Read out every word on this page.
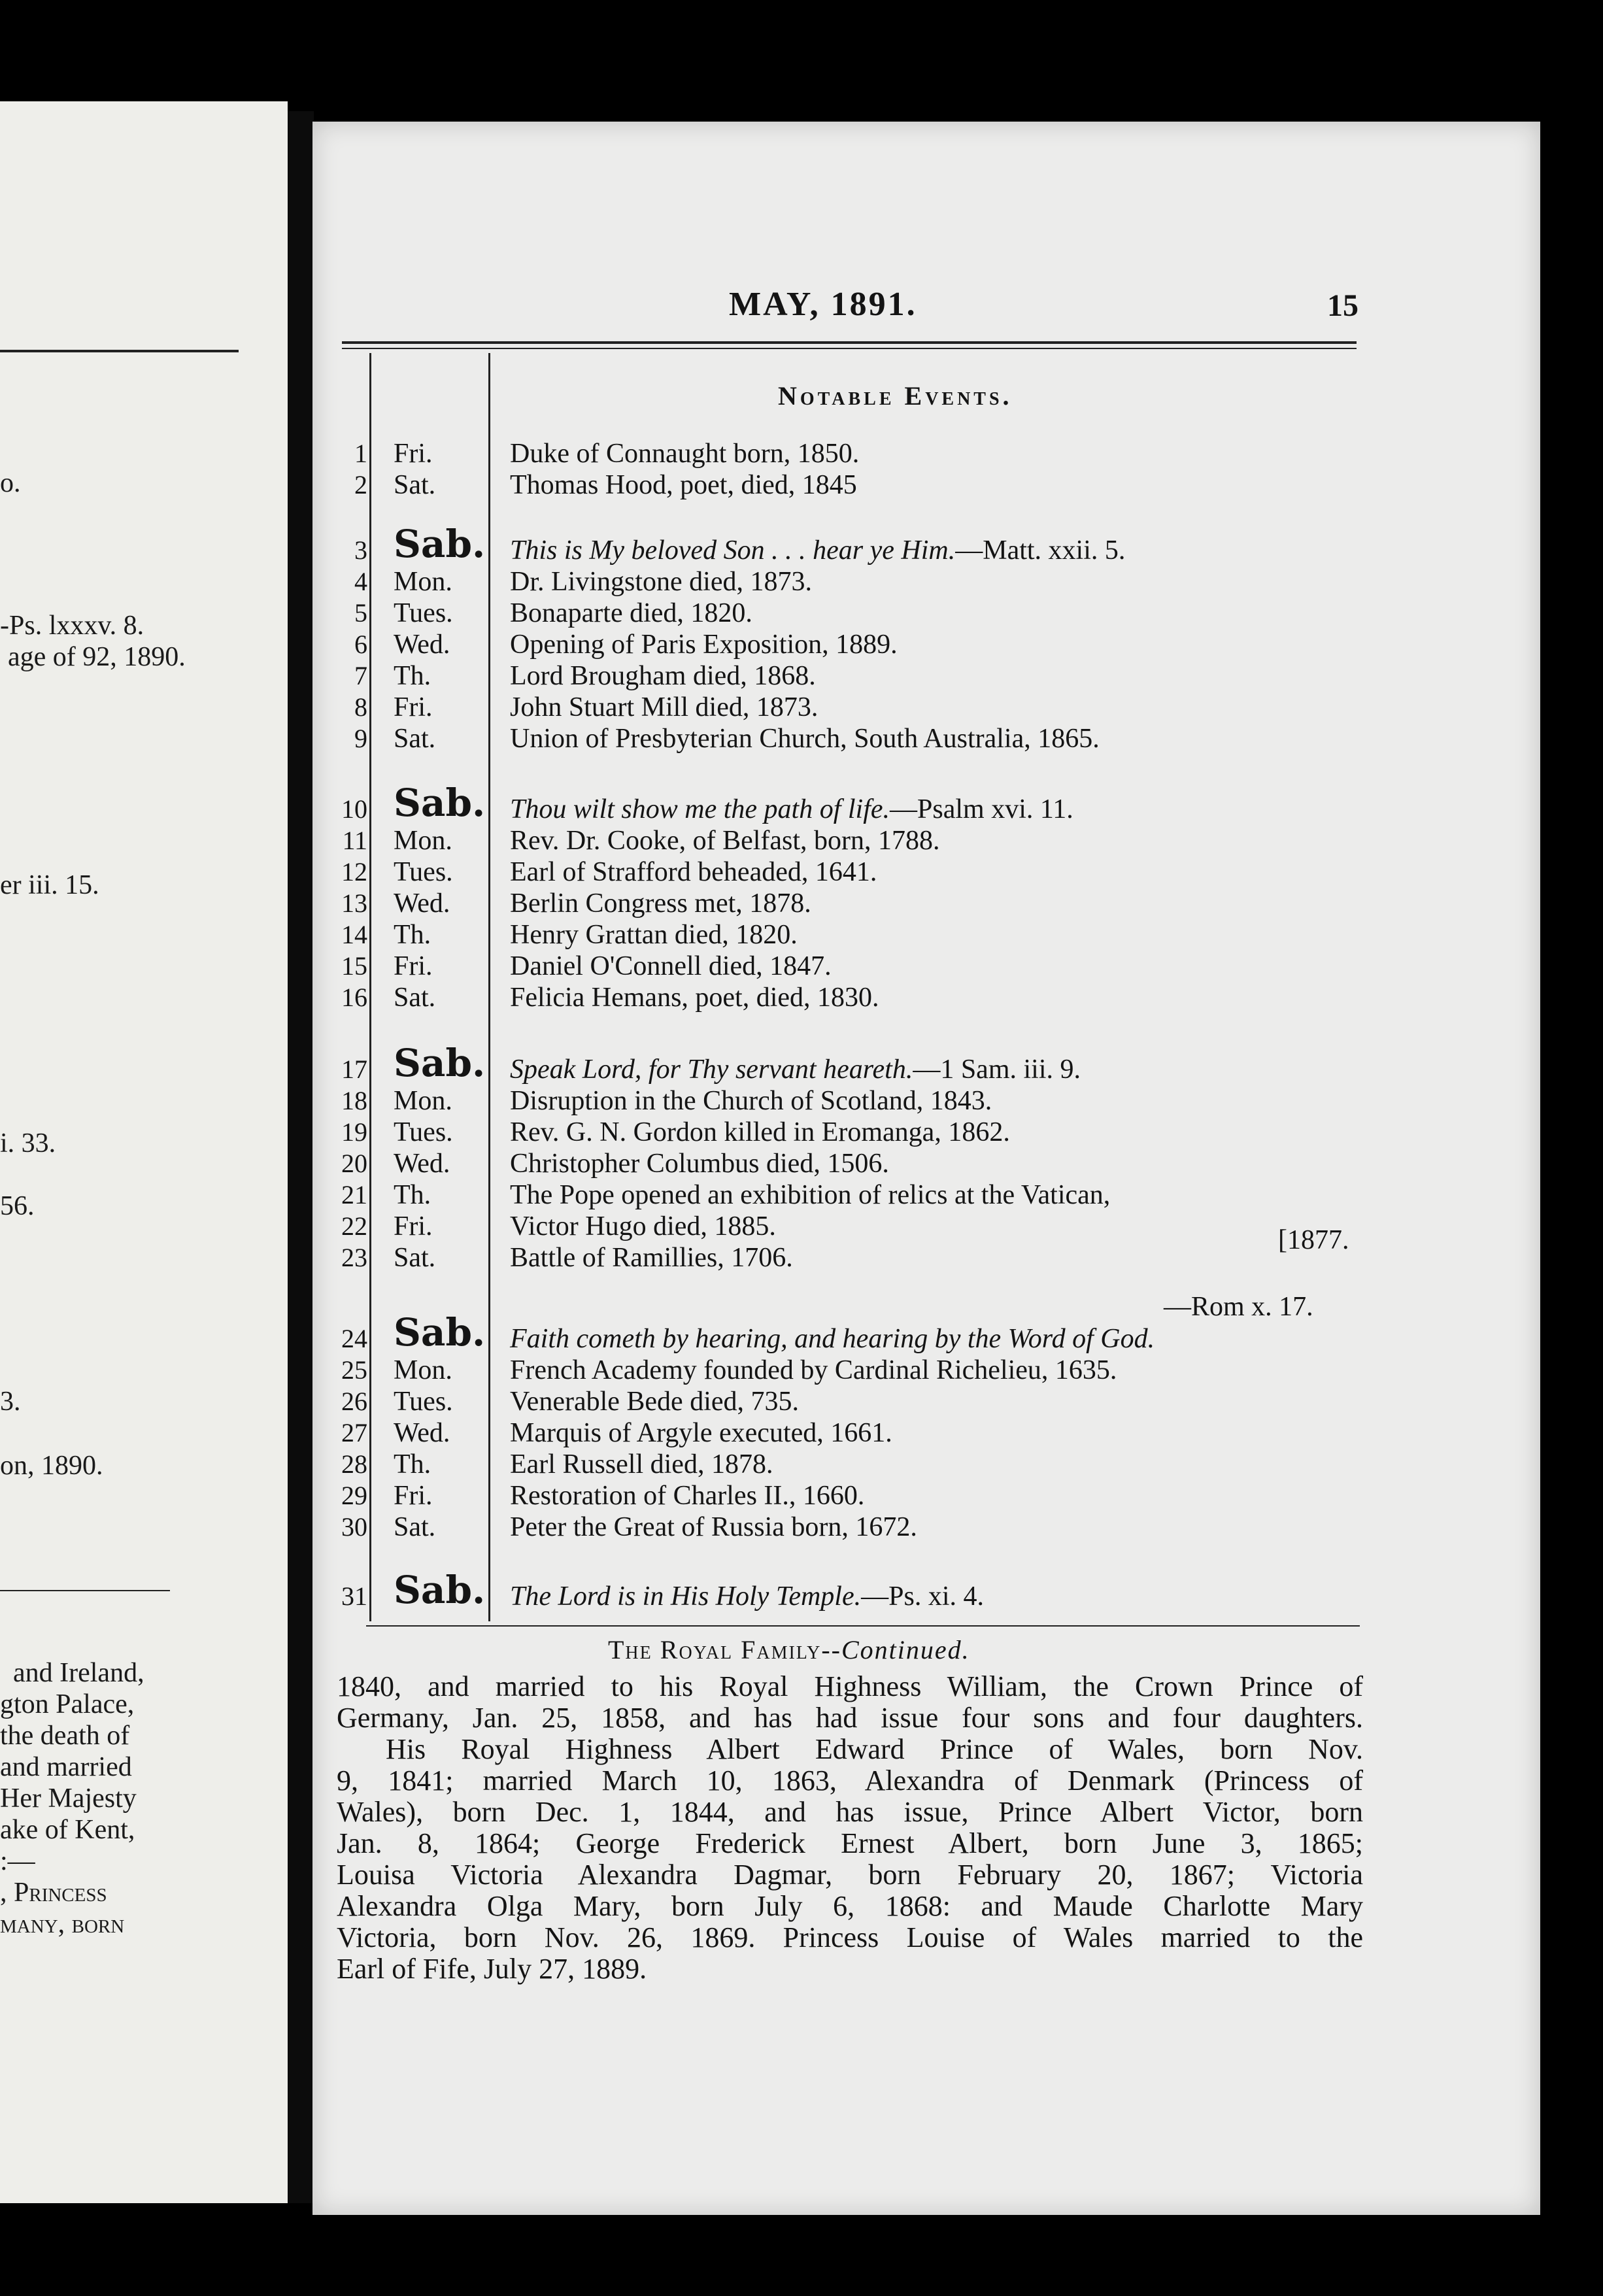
o.
-Ps. lxxxv. 8.
age of 92, 1890.
er iii. 15.
i. 33.
56.
3.
on, 1890.
and Ireland,
gton Palace,
the death of
and married
Her Majesty
ake of Kent,
:—
, Princess
many, born
MAY, 1891.	15
Notable Events.
1 Fri.	Duke of Connaught born, 1850.
2 Sat.	Thomas Hood, poet, died, 1845
3 Sab. This is My beloved Son . . . hear ye Him.—Matt. xxii. 5.
4 Mon. Dr. Livingstone died, 1873.
5 Tues. Bonaparte died, 1820.
6 Wed. Opening of Paris Exposition, 1889.
7 Th.	Lord Brougham died, 1868.
8 Fri.	John Stuart Mill died, 1873.
9 Sat.	Union of Presbyterian Church, South Australia, 1865.
10 Sab. Thou wilt show me the path of life.—Psalm xvi. 11.
11 Mon. Rev. Dr. Cooke, of Belfast, born, 1788.
12 Tues. Earl of Strafford beheaded, 1641.
13 Wed. Berlin Congress met, 1878.
14 Th.	Henry Grattan died, 1820.
15 Fri.	Daniel O'Connell died, 1847.
16 Sat.	Felicia Hemans, poet, died, 1830.
17 Sab. Speak Lord, for Thy servant heareth.—1 Sam. iii. 9.
18 Mon. Disruption in the Church of Scotland, 1843.
19 Tues. Rev. G. N. Gordon killed in Eromanga, 1862.
20 Wed. Christopher Columbus died, 1506.
21 Th.	The Pope opened an exhibition of relics at the Vatican,
22 Fri.	Victor Hugo died, 1885.
23 Sat.	Battle of Ramillies, 1706.
24 Sab. Faith cometh by hearing, and hearing by the Word of God.
25 Mon. French Academy founded by Cardinal Richelieu, 1635.
26 Tues. Venerable Bede died, 735.
27 Wed. Marquis of Argyle executed, 1661.
28 Th.	Earl Russell died, 1878.
29 Fri.	Restoration of Charles II., 1660.
30 Sat.	Peter the Great of Russia born, 1672.
31 Sab. The Lord is in His Holy Temple.—Ps. xi. 4.
[1877.
—Rom x. 17.
The Royal Family--Continued.
1840, and married to his Royal Highness William, the Crown Prince of
Germany, Jan. 25, 1858, and has had issue four sons and four daughters.
His Royal Highness Albert Edward Prince of Wales, born Nov.
9, 1841; married March 10, 1863, Alexandra of Denmark (Princess of
Wales), born Dec. 1, 1844, and has issue, Prince Albert Victor, born
Jan. 8, 1864; George Frederick Ernest Albert, born June 3, 1865;
Louisa Victoria Alexandra Dagmar, born February 20, 1867; Victoria
Alexandra Olga Mary, born July 6, 1868: and Maude Charlotte Mary
Victoria, born Nov. 26, 1869. Princess Louise of Wales married to the
Earl of Fife, July 27, 1889.
